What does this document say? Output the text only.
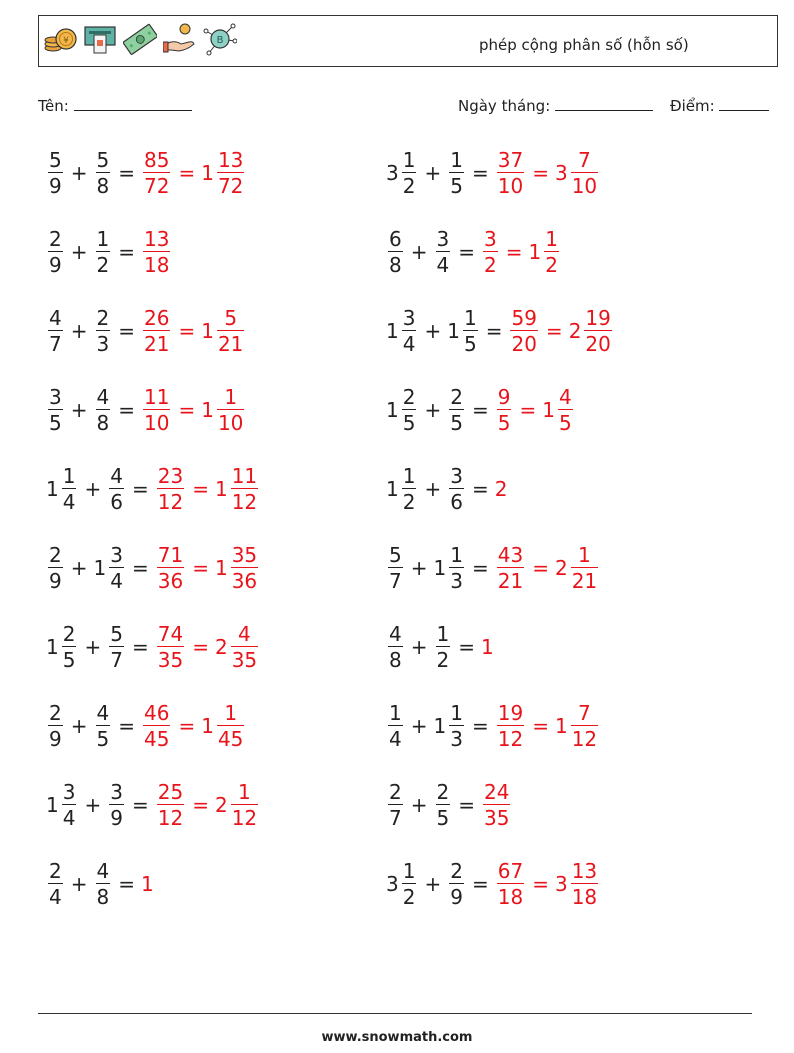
¥	B	phép cộng phân số (hỗn số)
Tên:	Ngày tháng:	Điểm:
$\frac{5}{9} + \frac{5}{8} = \frac{85}{72} = 1 \frac{13}{72}$	$3 \frac{1}{2} + \frac{1}{5} = \frac{37}{10} = 3 \frac{7}{10}$
$\frac{2}{9} + \frac{1}{2} = \frac{13}{18}$	$\frac{6}{8} + \frac{3}{4} = \frac{3}{2} = 1 \frac{1}{2}$
$\frac{4}{7} + \frac{2}{3} = \frac{26}{21} = 1 \frac{5}{21}$	$1 \frac{3}{4} + 1 \frac{1}{5} = \frac{59}{20} = 2 \frac{19}{20}$
$\frac{3}{5} + \frac{4}{8} = \frac{11}{10} = 1 \frac{1}{10}$	$1 \frac{2}{5} + \frac{2}{5} = \frac{9}{5} = 1 \frac{4}{5}$
$1 \frac{1}{4} + \frac{4}{6} = \frac{23}{12} = 1 \frac{11}{12}$	$1 \frac{1}{2} + \frac{3}{6} = 2$
$\frac{2}{9} + 1 \frac{3}{4} = \frac{71}{36} = 1 \frac{35}{36}$	$\frac{5}{7} + 1 \frac{1}{3} = \frac{43}{21} = 2 \frac{1}{21}$
$1 \frac{2}{5} + \frac{5}{7} = \frac{74}{35} = 2 \frac{4}{35}$	$\frac{4}{8} + \frac{1}{2} = 1$
$\frac{2}{9} + \frac{4}{5} = \frac{46}{45} = 1 \frac{1}{45}$	$\frac{1}{4} + 1 \frac{1}{3} = \frac{19}{12} = 1 \frac{7}{12}$
$1 \frac{3}{4} + \frac{3}{9} = \frac{25}{12} = 2 \frac{1}{12}$	$\frac{2}{7} + \frac{2}{5} = \frac{24}{35}$
$\frac{2}{4} + \frac{4}{8} = 1$	$3 \frac{1}{2} + \frac{2}{9} = \frac{67}{18} = 3 \frac{13}{18}$
www.snowmath.com
